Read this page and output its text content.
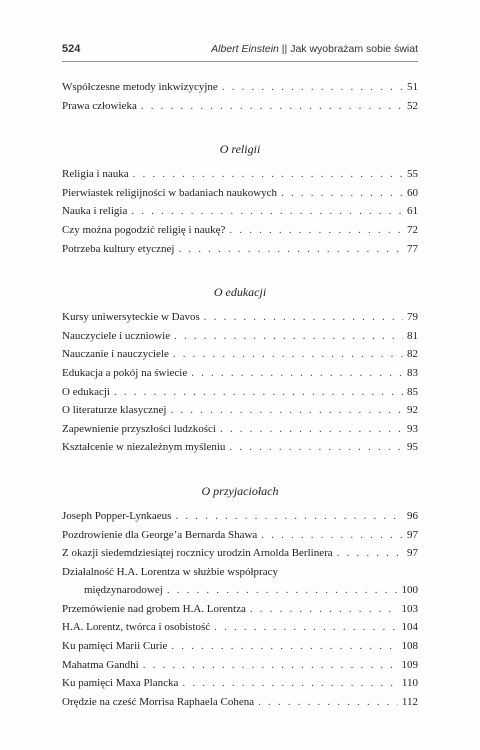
524	Albert Einstein || Jak wyobrażam sobie świat
Współczesne metody inkwizycyjne . . .	51
Prawa człowieka . . .	52
O religii
Religia i nauka . . .	55
Pierwiastek religijności w badaniach naukowych . . .	60
Nauka i religia . . .	61
Czy można pogodzić religię i naukę? . . .	72
Potrzeba kultury etycznej . . .	77
O edukacji
Kursy uniwersyteckie w Davos . . .	79
Nauczyciele i uczniowie . . .	81
Nauczanie i nauczyciele . . .	82
Edukacja a pokój na świecie . . .	83
O edukacji . . .	85
O literaturze klasycznej . . .	92
Zapewnienie przyszłości ludzkości . . .	93
Kształcenie w niezależnym myśleniu . . .	95
O przyjaciołach
Joseph Popper-Lynkaeus . . .	96
Pozdrowienie dla George’a Bernarda Shawa . . .	97
Z okazji siedemdziesiątej rocznicy urodzin Arnolda Berlinera . . .	97
Działalność H.A. Lorentza w służbie współpracy
międzynarodowej . . .	100
Przemówienie nad grobem H.A. Lorentza . . .	103
H.A. Lorentz, twórca i osobistość . . .	104
Ku pamięci Marii Curie . . .	108
Mahatma Gandhi . . .	109
Ku pamięci Maxa Plancka . . .	110
Orędzie na cześć Morrisa Raphaela Cohena . . .	112
